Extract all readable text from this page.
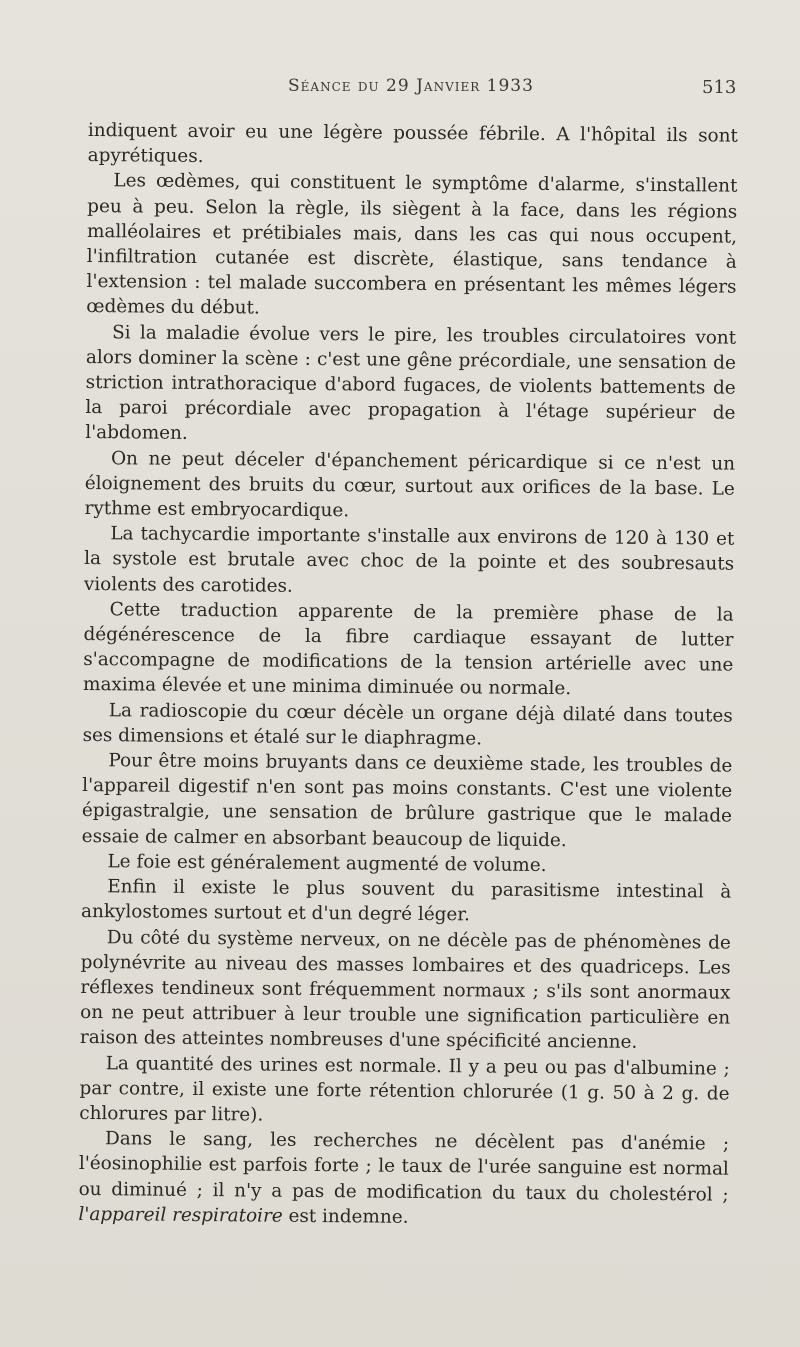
Séance du 29 Janvier 1933	513

indiquent avoir eu une légère poussée fébrile. A l'hôpital ils sont apyrétiques.

Les œdèmes, qui constituent le symptôme d'alarme, s'installent peu à peu. Selon la règle, ils siègent à la face, dans les régions malléolaires et prétibiales mais, dans les cas qui nous occupent, l'infiltration cutanée est discrète, élastique, sans tendance à l'extension : tel malade succombera en présentant les mêmes légers œdèmes du début.

Si la maladie évolue vers le pire, les troubles circulatoires vont alors dominer la scène : c'est une gêne précordiale, une sensation de striction intrathoracique d'abord fugaces, de violents battements de la paroi précordiale avec propagation à l'étage supérieur de l'abdomen.

On ne peut déceler d'épanchement péricardique si ce n'est un éloignement des bruits du cœur, surtout aux orifices de la base. Le rythme est embryocardique.

La tachycardie importante s'installe aux environs de 120 à 130 et la systole est brutale avec choc de la pointe et des soubresauts violents des carotides.

Cette traduction apparente de la première phase de la dégénérescence de la fibre cardiaque essayant de lutter s'accompagne de modifications de la tension artérielle avec une maxima élevée et une minima diminuée ou normale.

La radioscopie du cœur décèle un organe déjà dilaté dans toutes ses dimensions et étalé sur le diaphragme.

Pour être moins bruyants dans ce deuxième stade, les troubles de l'appareil digestif n'en sont pas moins constants. C'est une violente épigastralgie, une sensation de brûlure gastrique que le malade essaie de calmer en absorbant beaucoup de liquide.

Le foie est généralement augmenté de volume.

Enfin il existe le plus souvent du parasitisme intestinal à ankylostomes surtout et d'un degré léger.

Du côté du système nerveux, on ne décèle pas de phénomènes de polynévrite au niveau des masses lombaires et des quadriceps. Les réflexes tendineux sont fréquemment normaux ; s'ils sont anormaux on ne peut attribuer à leur trouble une signification particulière en raison des atteintes nombreuses d'une spécificité ancienne.

La quantité des urines est normale. Il y a peu ou pas d'albumine ; par contre, il existe une forte rétention chlorurée (1 g. 50 à 2 g. de chlorures par litre).

Dans le sang, les recherches ne décèlent pas d'anémie ; l'éosinophilie est parfois forte ; le taux de l'urée sanguine est normal ou diminué ; il n'y a pas de modification du taux du cholestérol ; l'appareil respiratoire est indemne.
